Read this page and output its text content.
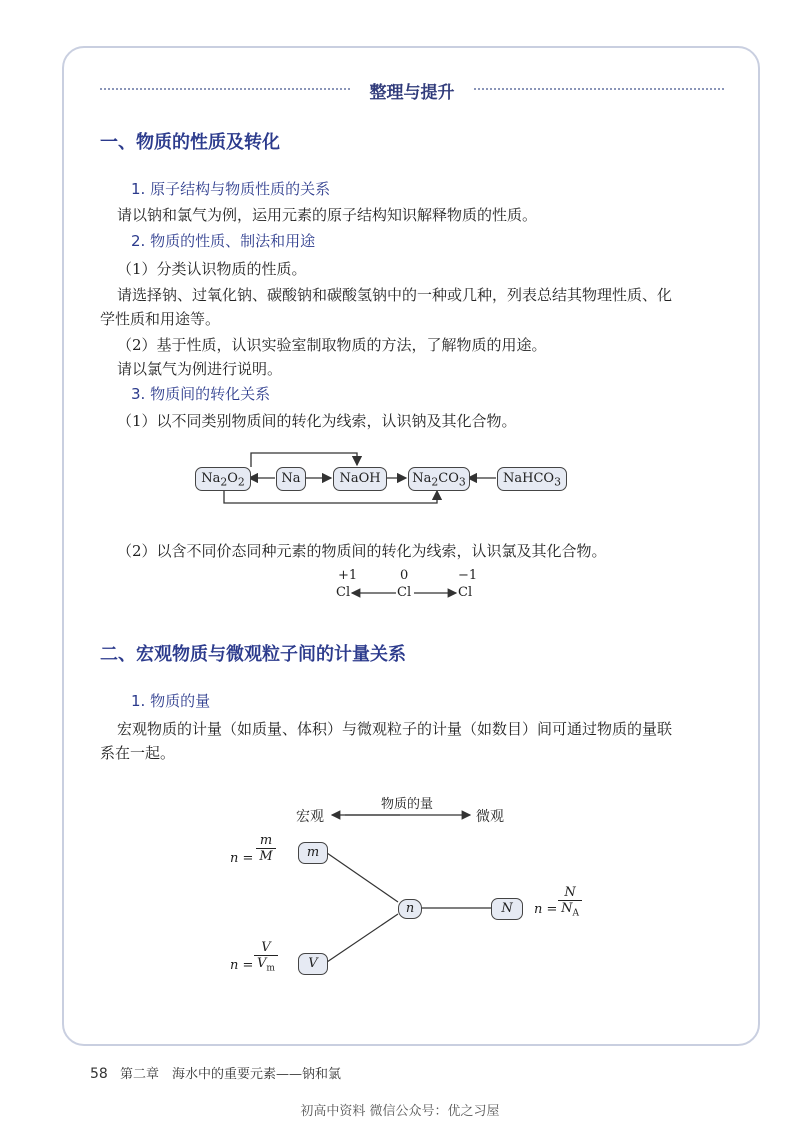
整理与提升
一、物质的性质及转化
1. 原子结构与物质性质的关系
请以钠和氯气为例，运用元素的原子结构知识解释物质的性质。
2. 物质的性质、制法和用途
（1）分类认识物质的性质。
请选择钠、过氧化钠、碳酸钠和碳酸氢钠中的一种或几种，列表总结其物理性质、化
学性质和用途等。
（2）基于性质，认识实验室制取物质的方法，了解物质的用途。
请以氯气为例进行说明。
3. 物质间的转化关系
（1）以不同类别物质间的转化为线索，认识钠及其化合物。
$Na_2O_2$	Na	NaOH	$Na_2CO_3$	NaHCO$_3$
（2）以含不同价态同种元素的物质间的转化为线索，认识氯及其化合物。
+1	0	−1
Cl	Cl	Cl
二、宏观物质与微观粒子间的计量关系
1. 物质的量
宏观物质的计量（如质量、体积）与微观粒子的计量（如数目）间可通过物质的量联
系在一起。
物质的量
宏观	微观
m
V
n	N
$n = \frac{m}{M}$
$n = \frac{V}{V_m}$
$n = \frac{N}{N_A}$
58 第二章　海水中的重要元素——钠和氯
初高中资料 微信公众号：优之习屋
